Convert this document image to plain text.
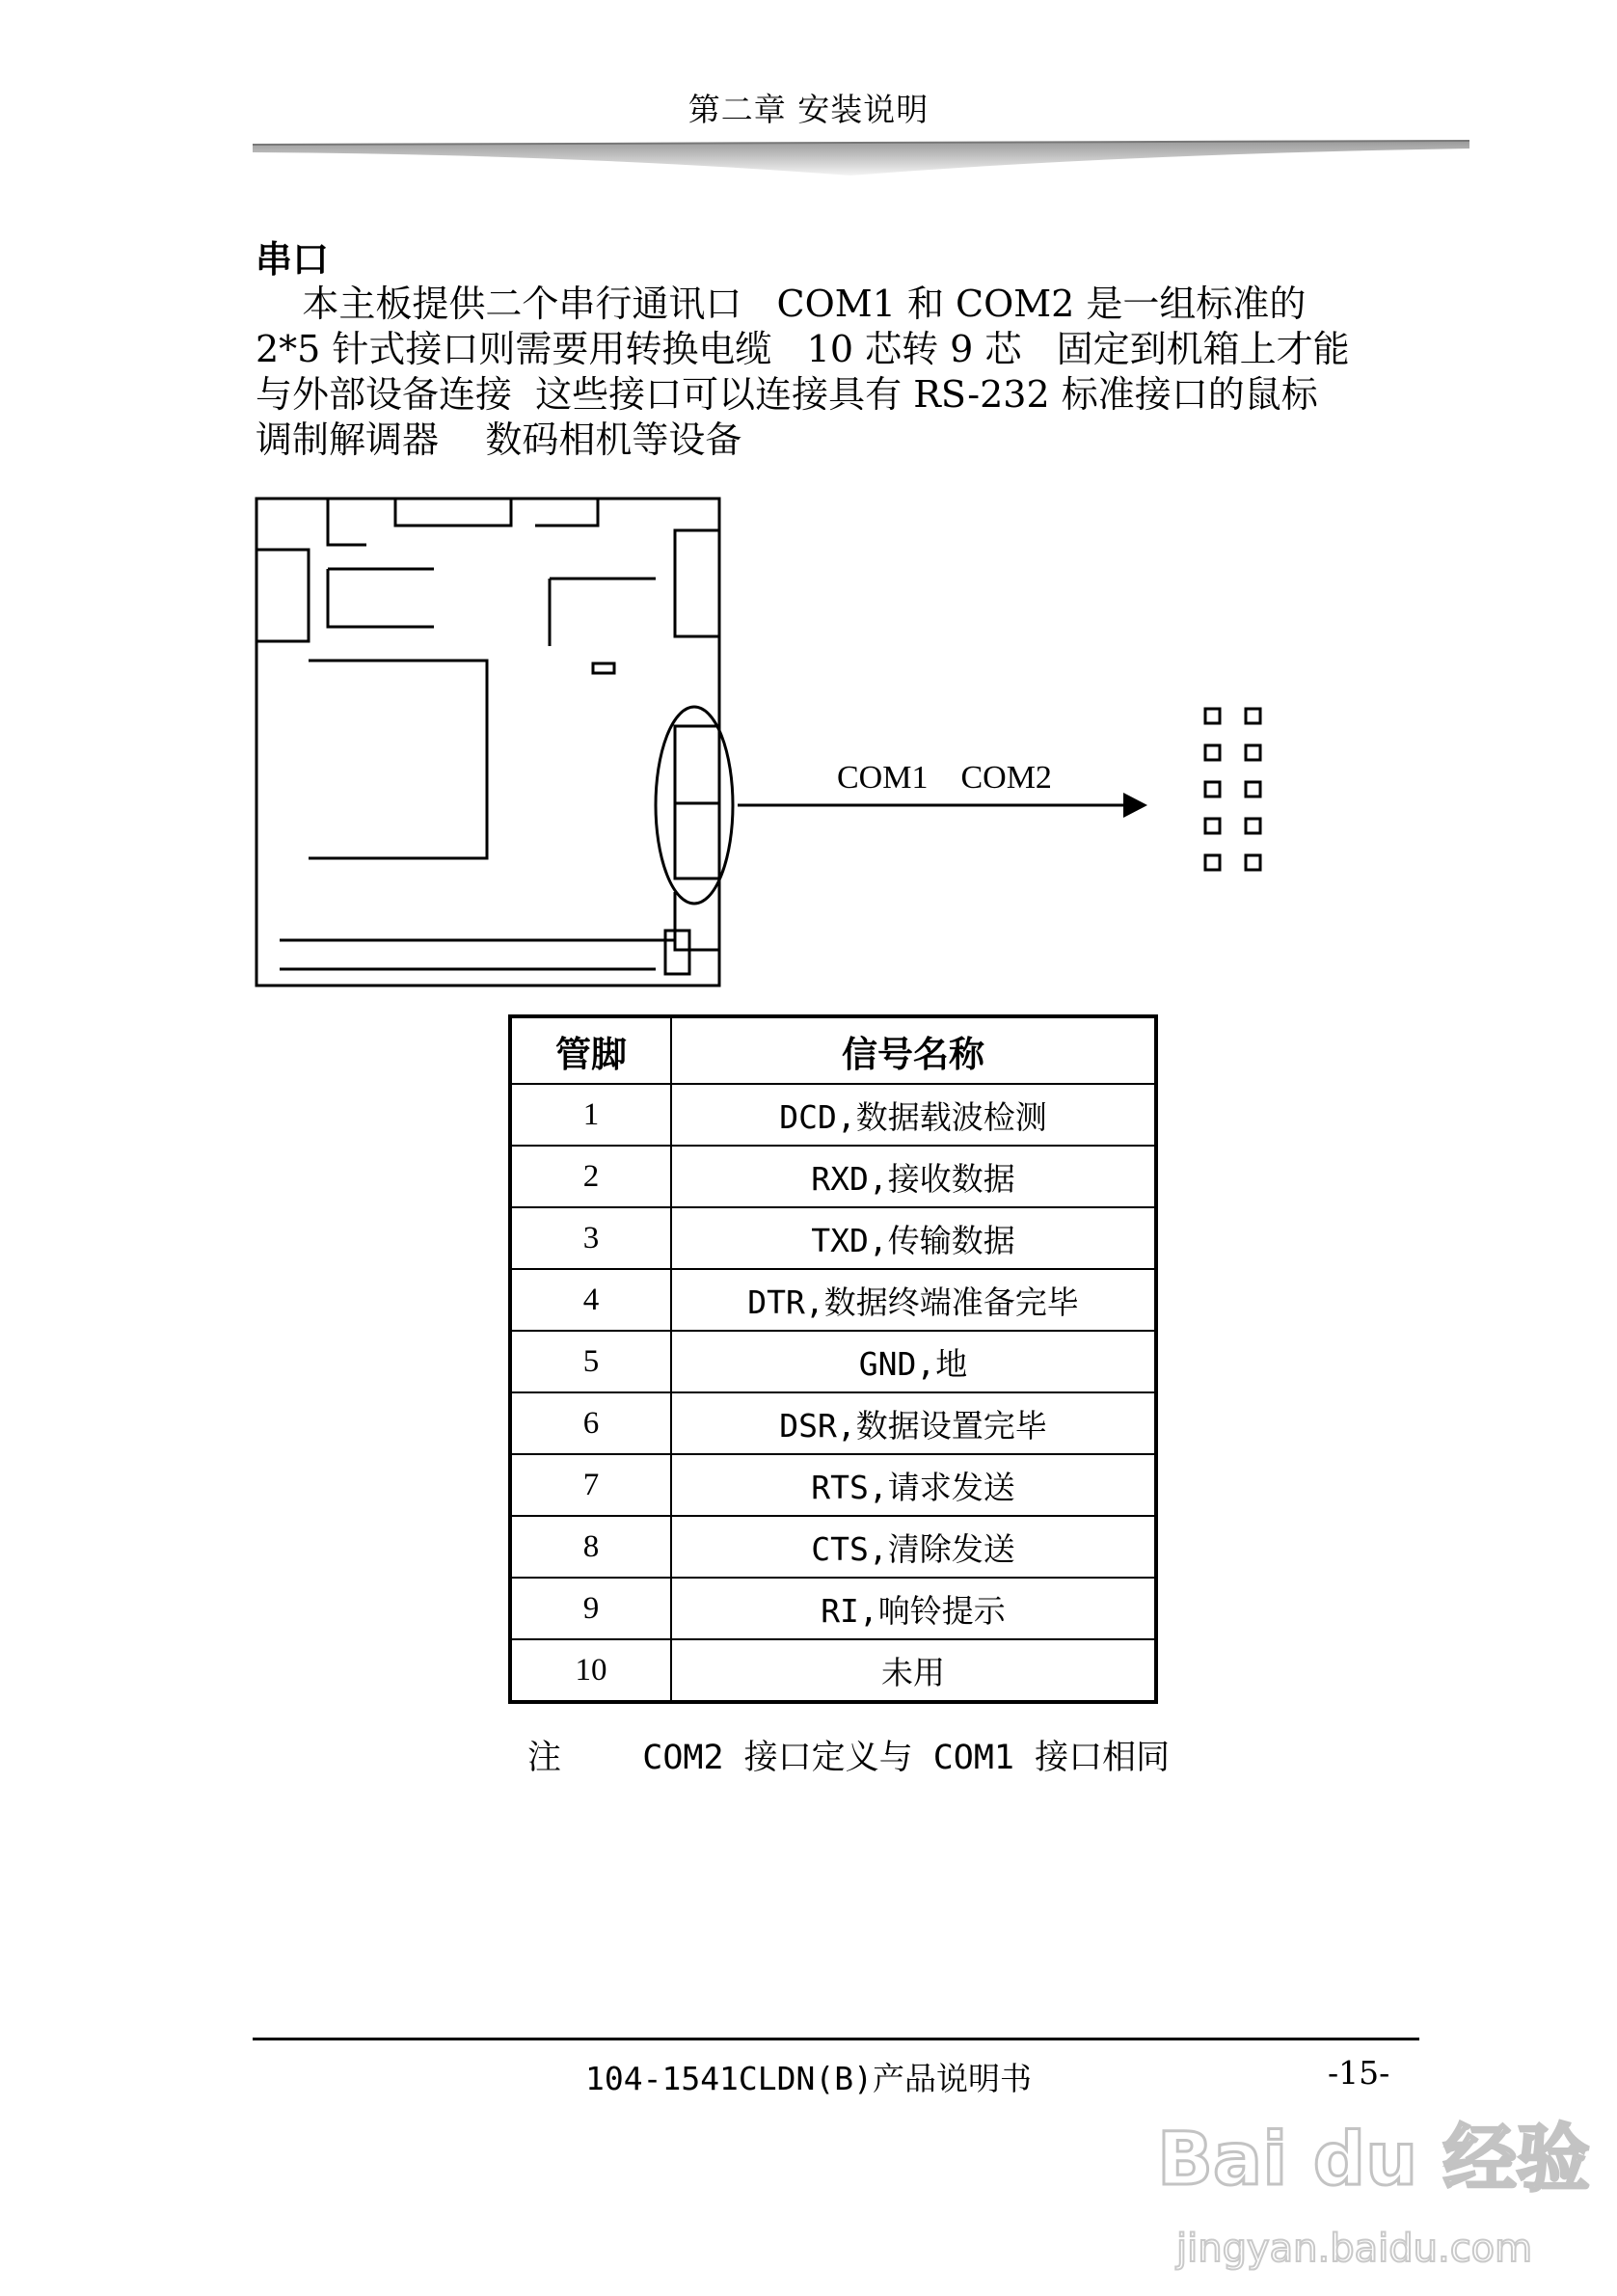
第二章 安装说明
串口
本主板提供二个串行通讯口   COM1 和 COM2 是一组标准的
2*5 针式接口则需要用转换电缆   10 芯转 9 芯   固定到机箱上才能
与外部设备连接  这些接口可以连接具有 RS-232 标准接口的鼠标
调制解调器    数码相机等设备
COM1    COM2
管脚	信号名称
1	DCD,数据载波检测
2	RXD,接收数据
3	TXD,传输数据
4	DTR,数据终端准备完毕
5	GND,地
6	DSR,数据设置完毕
7	RTS,请求发送
8	CTS,清除发送
9	RI,响铃提示
10	未用
注    COM2 接口定义与 COM1 接口相同
104-1541CLDN(B)产品说明书	-15-
Bai du 经验
jingyan.baidu.com
